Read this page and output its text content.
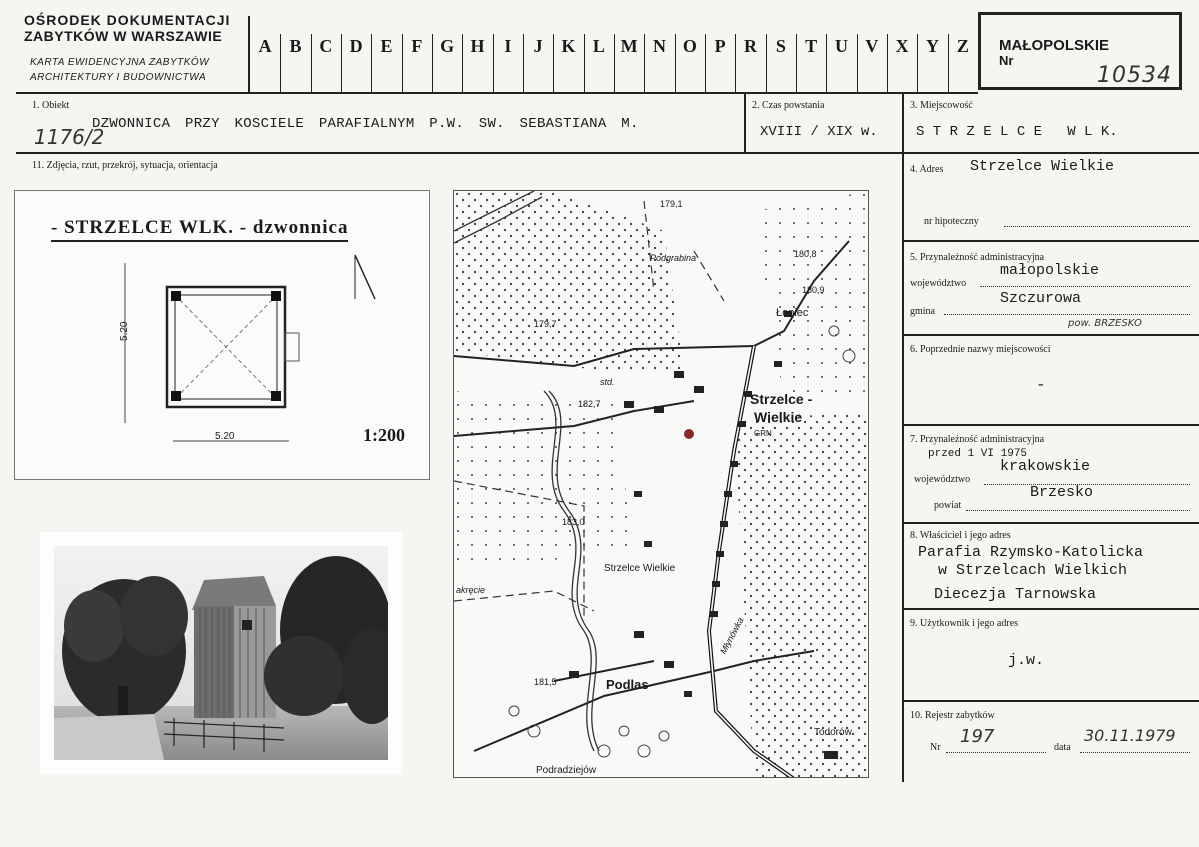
OŚRODEK DOKUMENTACJI
ZABYTKÓW W WARSZAWIE
KARTA EWIDENCYJNA ZABYTKÓW
ARCHITEKTURY I BUDOWNICTWA
A B C D E	F G H	I	J	K L M N O P	R	S	T U V X Y Z	MAŁOPOLSKIE
Nr
10534
1. Obiekt
1176/2
DZWONNICA PRZY KOSCIELE PARAFIALNYM P.W. SW. SEBASTIANA M.
2. Czas powstania
XVIII / XIX w.
3. Miejscowość
S T R Z E L C E   W L K.
11. Zdjęcia, rzut, przekrój, sytuacja, orientacja
- STRZELCE WLK. - dzwonnica
5.20
5.20	1:200
179,1
Podgrabina	180,8
180,9
Łoniec
179,7
std.
182,7	Strzelce -
Wielkie
GRN
183,0
Strzelce Wielkie
akręcie
181,5	Podlas
Młynówka
Todorów
Podradziejów
4. Adres Strzelce Wielkie
nr hipoteczny
5. Przynależność administracyjna
województwo
małopolskie
gmina
Szczurowa
pow. BRZESKO
6. Poprzednie nazwy miejscowości
-
7. Przynależność administracyjna
przed 1 VI 1975
województwo
krakowskie
powiat
Brzesko
8. Właściciel i jego adres
Parafia Rzymsko-Katolicka
w Strzelcach Wielkich
Diecezja Tarnowska
9. Użytkownik i jego adres
j.w.
10. Rejestr zabytków
Nr
197
data
30.11.1979
